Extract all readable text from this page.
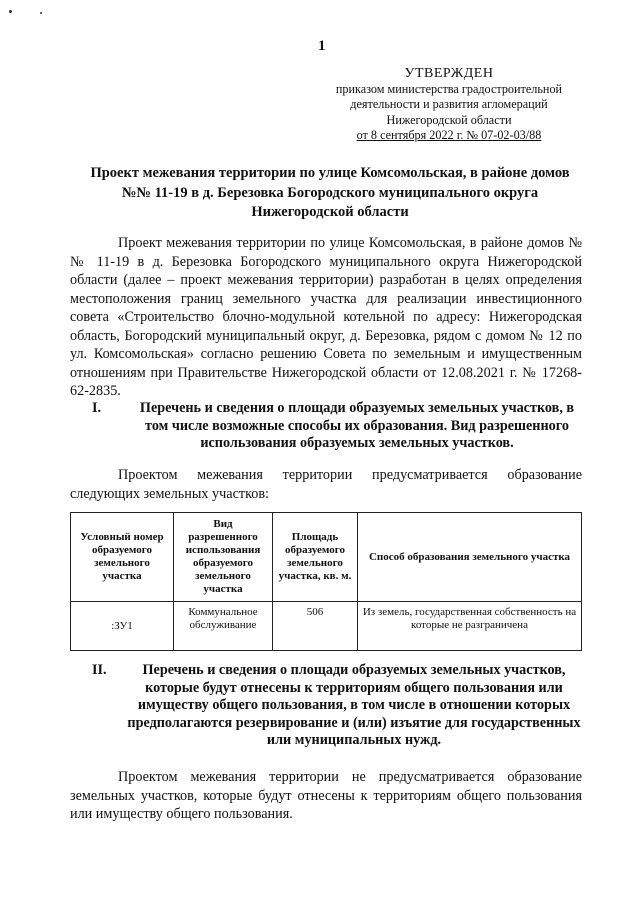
1
УТВЕРЖДЕН
приказом министерства градостроительной
деятельности и развития агломераций
Нижегородской области
от 8 сентября 2022 г. № 07-02-03/88
Проект межевания территории по улице Комсомольская, в районе домов
№№ 11-19 в д. Березовка Богородского муниципального округа
Нижегородской области
Проект межевания территории по улице Комсомольская, в районе домов №№ 11-19 в д. Березовка Богородского муниципального округа Нижегородской области (далее – проект межевания территории) разработан в целях определения местоположения границ земельного участка для реализации инвестиционного совета «Строительство блочно-модульной котельной по адресу: Нижегородская область, Богородский муниципальный округ, д. Березовка, рядом с домом № 12 по ул. Комсомольская» согласно решению Совета по земельным и имущественным отношениям при Правительстве Нижегородской области от 12.08.2021 г. № 17268-62-2835.
I.	Перечень и сведения о площади образуемых земельных участков, в том числе возможные способы их образования. Вид разрешенного использования образуемых земельных участков.
Проектом межевания территории предусматривается образование следующих земельных участков:
Условный номер образуемого земельного участка	Вид разрешенного использования образуемого земельного участка	Площадь образуемого земельного участка, кв. м.	Способ образования земельного участка
:ЗУ1	Коммунальное обслуживание	506	Из земель, государственная собственность на которые не разграничена
II.	Перечень и сведения о площади образуемых земельных участков, которые будут отнесены к территориям общего пользования или имуществу общего пользования, в том числе в отношении которых предполагаются резервирование и (или) изъятие для государственных или муниципальных нужд.
Проектом межевания территории не предусматривается образование земельных участков, которые будут отнесены к территориям общего пользования или имуществу общего пользования.
